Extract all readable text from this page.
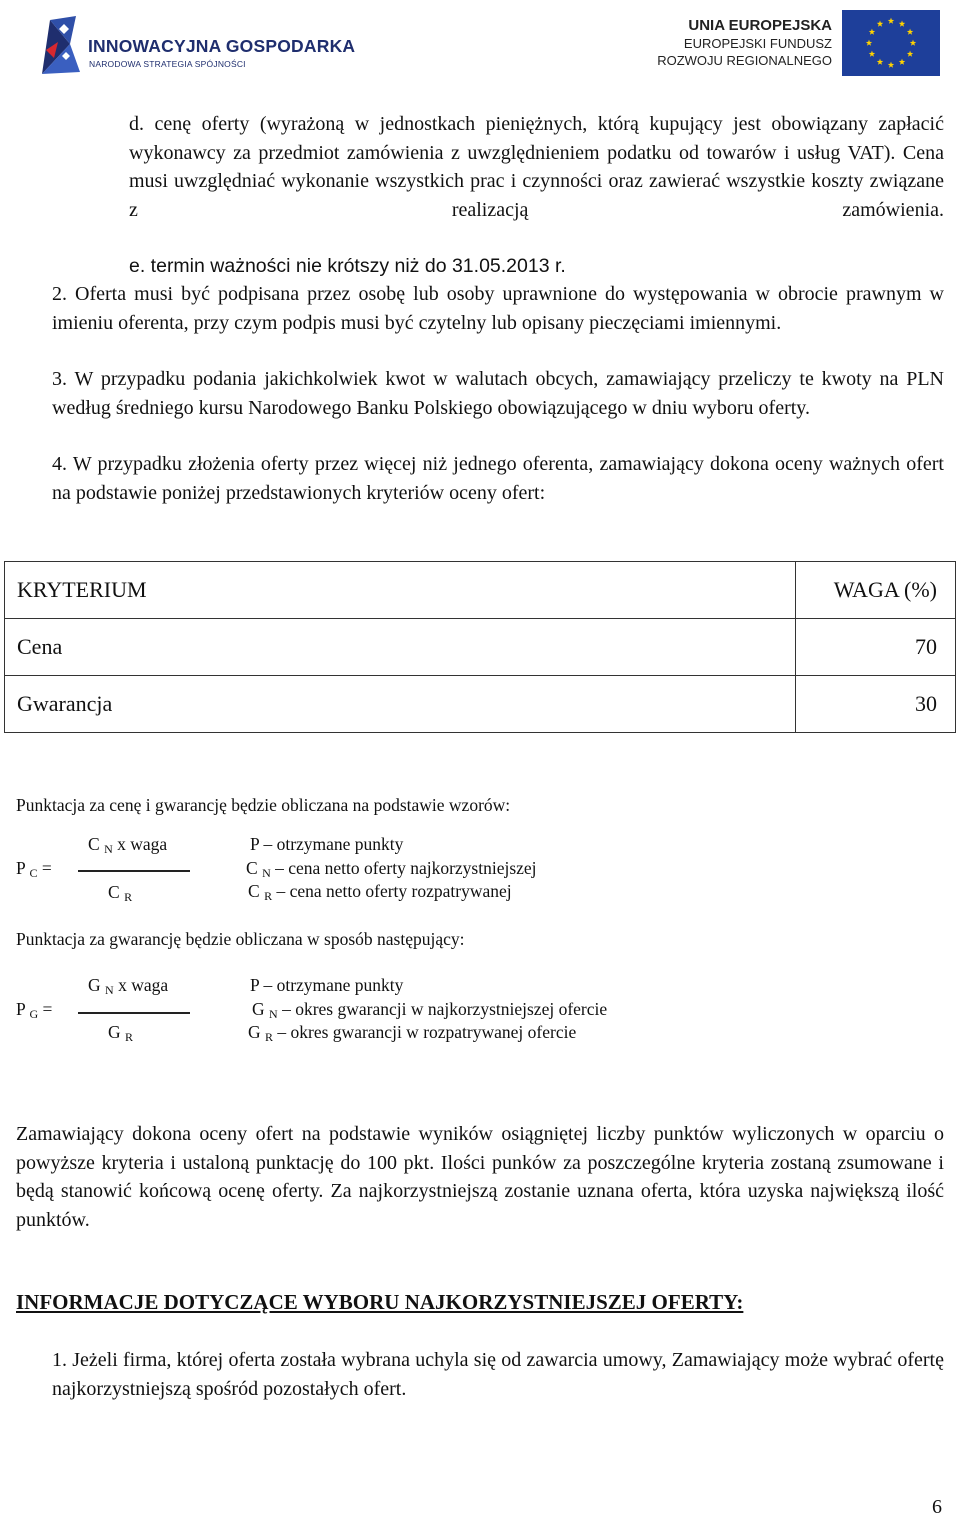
INNOWACYJNA GOSPODARKA
NARODOWA STRATEGIA SPÓJNOŚCI
UNIA EUROPEJSKA
EUROPEJSKI FUNDUSZ
ROZWOJU REGIONALNEGO
d. cenę oferty (wyrażoną w jednostkach pieniężnych, którą kupujący jest obowiązany zapłacić wykonawcy za przedmiot zamówienia z uwzględnieniem podatku od towarów i usług VAT). Cena musi uwzględniać wykonanie wszystkich prac i czynności oraz zawierać wszystkie koszty związane z realizacją zamówienia.
e. termin ważności nie krótszy niż do 31.05.2013 r.
2. Oferta musi być podpisana przez osobę lub osoby uprawnione do występowania w obrocie prawnym w imieniu oferenta, przy czym podpis musi być czytelny lub opisany pieczęciami imiennymi.
3. W przypadku podania jakichkolwiek kwot w walutach obcych, zamawiający przeliczy te kwoty na PLN według średniego kursu Narodowego Banku Polskiego obowiązującego w dniu wyboru oferty.
4. W przypadku złożenia oferty przez więcej niż jednego oferenta, zamawiający dokona oceny ważnych ofert na podstawie poniżej przedstawionych kryteriów oceny ofert:
KRYTERIUM	WAGA (%)
Cena	70
Gwarancja	30
Punktacja za cenę i gwarancję będzie obliczana na podstawie wzorów:
C $_N$ x waga
P $_C$ =
C $_R$
P – otrzymane punkty
C $_N$ – cena netto oferty najkorzystniejszej
C $_R$ – cena netto oferty rozpatrywanej
Punktacja za gwarancję będzie obliczana w sposób następujący:
G $_N$ x waga
P $_G$ =
G $_R$
P – otrzymane punkty
G $_N$ – okres gwarancji w najkorzystniejszej ofercie
G $_R$ – okres gwarancji w rozpatrywanej ofercie
Zamawiający dokona oceny ofert na podstawie wyników osiągniętej liczby punktów wyliczonych w oparciu o powyższe kryteria i ustaloną punktację do 100 pkt. Ilości punków za poszczególne kryteria zostaną zsumowane i będą stanowić końcową ocenę oferty. Za najkorzystniejszą zostanie uznana oferta, która uzyska największą ilość punktów.
INFORMACJE DOTYCZĄCE WYBORU NAJKORZYSTNIEJSZEJ OFERTY:
1. Jeżeli firma, której oferta została wybrana uchyla się od zawarcia umowy, Zamawiający może wybrać ofertę najkorzystniejszą spośród pozostałych ofert.
6
